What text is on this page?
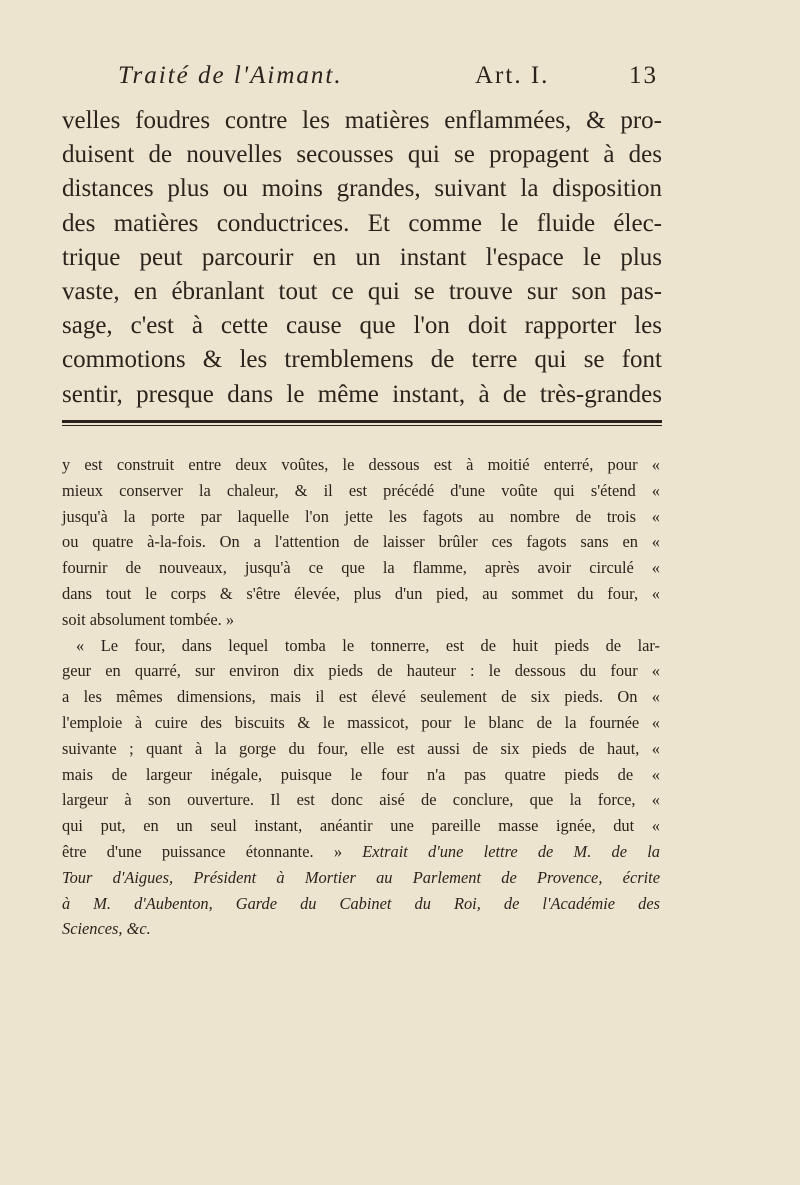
Traité de l'Aimant.	Art. I.	13
velles foudres contre les matières enflammées, & pro-
duisent de nouvelles secousses qui se propagent à des
distances plus ou moins grandes, suivant la disposition
des matières conductrices. Et comme le fluide élec-
trique peut parcourir en un instant l'espace le plus
vaste, en ébranlant tout ce qui se trouve sur son pas-
sage, c'est à cette cause que l'on doit rapporter les
commotions & les tremblemens de terre qui se font
sentir, presque dans le même instant, à de très-grandes
y est construit entre deux voûtes, le dessous est à moitié enterré, pour «
mieux conserver la chaleur, & il est précédé d'une voûte qui s'étend «
jusqu'à la porte par laquelle l'on jette les fagots au nombre de trois «
ou quatre à-la-fois. On a l'attention de laisser brûler ces fagots sans en «
fournir de nouveaux, jusqu'à ce que la flamme, après avoir circulé «
dans tout le corps & s'être élevée, plus d'un pied, au sommet du four, «
soit absolument tombée. »
« Le four, dans lequel tomba le tonnerre, est de huit pieds de lar-
geur en quarré, sur environ dix pieds de hauteur : le dessous du four «
a les mêmes dimensions, mais il est élevé seulement de six pieds. On «
l'emploie à cuire des biscuits & le massicot, pour le blanc de la fournée «
suivante ; quant à la gorge du four, elle est aussi de six pieds de haut, «
mais de largeur inégale, puisque le four n'a pas quatre pieds de «
largeur à son ouverture. Il est donc aisé de conclure, que la force, «
qui put, en un seul instant, anéantir une pareille masse ignée, dut «
être d'une puissance étonnante. » Extrait d'une lettre de M. de la
Tour d'Aigues, Président à Mortier au Parlement de Provence, écrite
à M. d'Aubenton, Garde du Cabinet du Roi, de l'Académie des
Sciences, &c.
